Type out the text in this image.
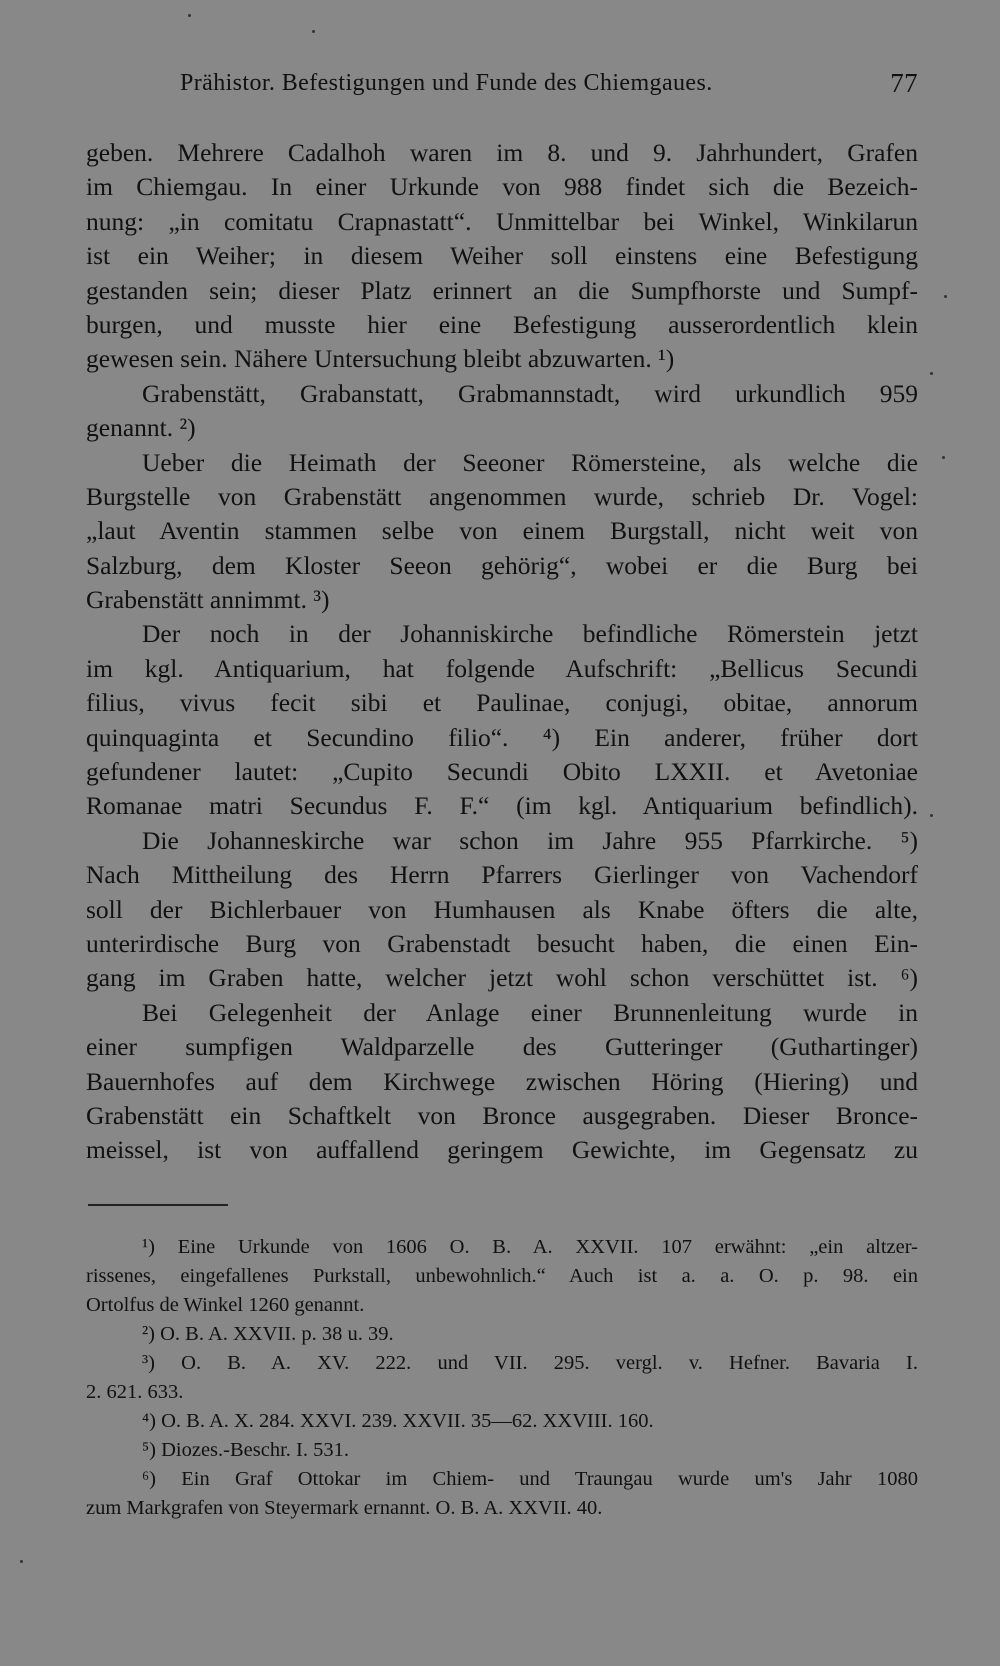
Prähistor. Befestigungen und Funde des Chiemgaues.	77
geben. Mehrere Cadalhoh waren im 8. und 9. Jahrhundert, Grafen
im Chiemgau. In einer Urkunde von 988 findet sich die Bezeich-
nung: „in comitatu Crapnastatt“. Unmittelbar bei Winkel, Winkilarun
ist ein Weiher; in diesem Weiher soll einstens eine Befestigung
gestanden sein; dieser Platz erinnert an die Sumpfhorste und Sumpf-
burgen, und musste hier eine Befestigung ausserordentlich klein
gewesen sein. Nähere Untersuchung bleibt abzuwarten. ¹)
Grabenstätt, Grabanstatt, Grabmannstadt, wird urkundlich 959
genannt. ²)
Ueber die Heimath der Seeoner Römersteine, als welche die
Burgstelle von Grabenstätt angenommen wurde, schrieb Dr. Vogel:
„laut Aventin stammen selbe von einem Burgstall, nicht weit von
Salzburg, dem Kloster Seeon gehörig“, wobei er die Burg bei
Grabenstätt annimmt. ³)
Der noch in der Johanniskirche befindliche Römerstein jetzt
im kgl. Antiquarium, hat folgende Aufschrift: „Bellicus Secundi
filius, vivus fecit sibi et Paulinae, conjugi, obitae, annorum
quinquaginta et Secundino filio“. ⁴) Ein anderer, früher dort
gefundener lautet: „Cupito Secundi Obito LXXII. et Avetoniae
Romanae matri Secundus F. F.“ (im kgl. Antiquarium befindlich).
Die Johanneskirche war schon im Jahre 955 Pfarrkirche. ⁵)
Nach Mittheilung des Herrn Pfarrers Gierlinger von Vachendorf
soll der Bichlerbauer von Humhausen als Knabe öfters die alte,
unterirdische Burg von Grabenstadt besucht haben, die einen Ein-
gang im Graben hatte, welcher jetzt wohl schon verschüttet ist. ⁶)
Bei Gelegenheit der Anlage einer Brunnenleitung wurde in
einer sumpfigen Waldparzelle des Gutteringer (Guthartinger)
Bauernhofes auf dem Kirchwege zwischen Höring (Hiering) und
Grabenstätt ein Schaftkelt von Bronce ausgegraben. Dieser Bronce-
meissel, ist von auffallend geringem Gewichte, im Gegensatz zu
¹) Eine Urkunde von 1606 O. B. A. XXVII. 107 erwähnt: „ein altzer-
rissenes, eingefallenes Purkstall, unbewohnlich.“ Auch ist a. a. O. p. 98. ein
Ortolfus de Winkel 1260 genannt.
²) O. B. A. XXVII. p. 38 u. 39.
³) O. B. A. XV. 222. und VII. 295. vergl. v. Hefner. Bavaria I.
2. 621. 633.
⁴) O. B. A. X. 284. XXVI. 239. XXVII. 35—62. XXVIII. 160.
⁵) Diozes.-Beschr. I. 531.
⁶) Ein Graf Ottokar im Chiem- und Traungau wurde um's Jahr 1080
zum Markgrafen von Steyermark ernannt. O. B. A. XXVII. 40.
